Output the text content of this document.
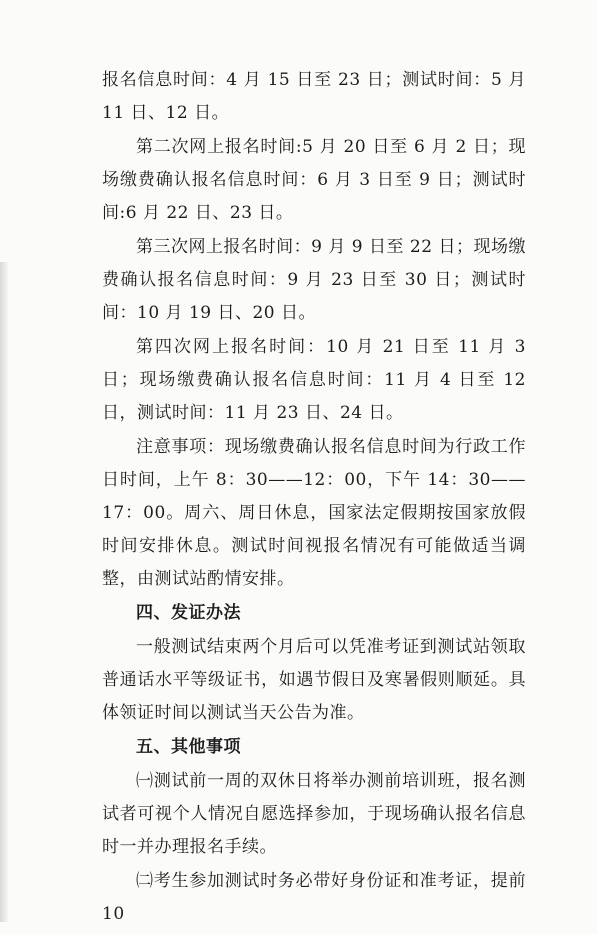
报名信息时间：4 月 15 日至 23 日；测试时间：5 月 11 日、12 日。

第二次网上报名时间:5 月 20 日至 6 月 2 日；现场缴费确认报名信息时间：6 月 3 日至 9 日；测试时间:6 月 22 日、23 日。

第三次网上报名时间：9 月 9 日至 22 日；现场缴费确认报名信息时间：9 月 23 日至 30 日；测试时间：10 月 19 日、20 日。

第四次网上报名时间：10 月 21 日至 11 月 3 日；现场缴费确认报名信息时间：11 月 4 日至 12 日，测试时间：11 月 23 日、24 日。

注意事项：现场缴费确认报名信息时间为行政工作日时间，上午 8：30——12：00，下午 14：30——17：00。周六、周日休息，国家法定假期按国家放假时间安排休息。测试时间视报名情况有可能做适当调整，由测试站酌情安排。

四、发证办法

一般测试结束两个月后可以凭准考证到测试站领取普通话水平等级证书，如遇节假日及寒暑假则顺延。具体领证时间以测试当天公告为准。

五、其他事项

㈠测试前一周的双休日将举办测前培训班，报名测试者可视个人情况自愿选择参加，于现场确认报名信息时一并办理报名手续。

㈡考生参加测试时务必带好身份证和准考证，提前 10
